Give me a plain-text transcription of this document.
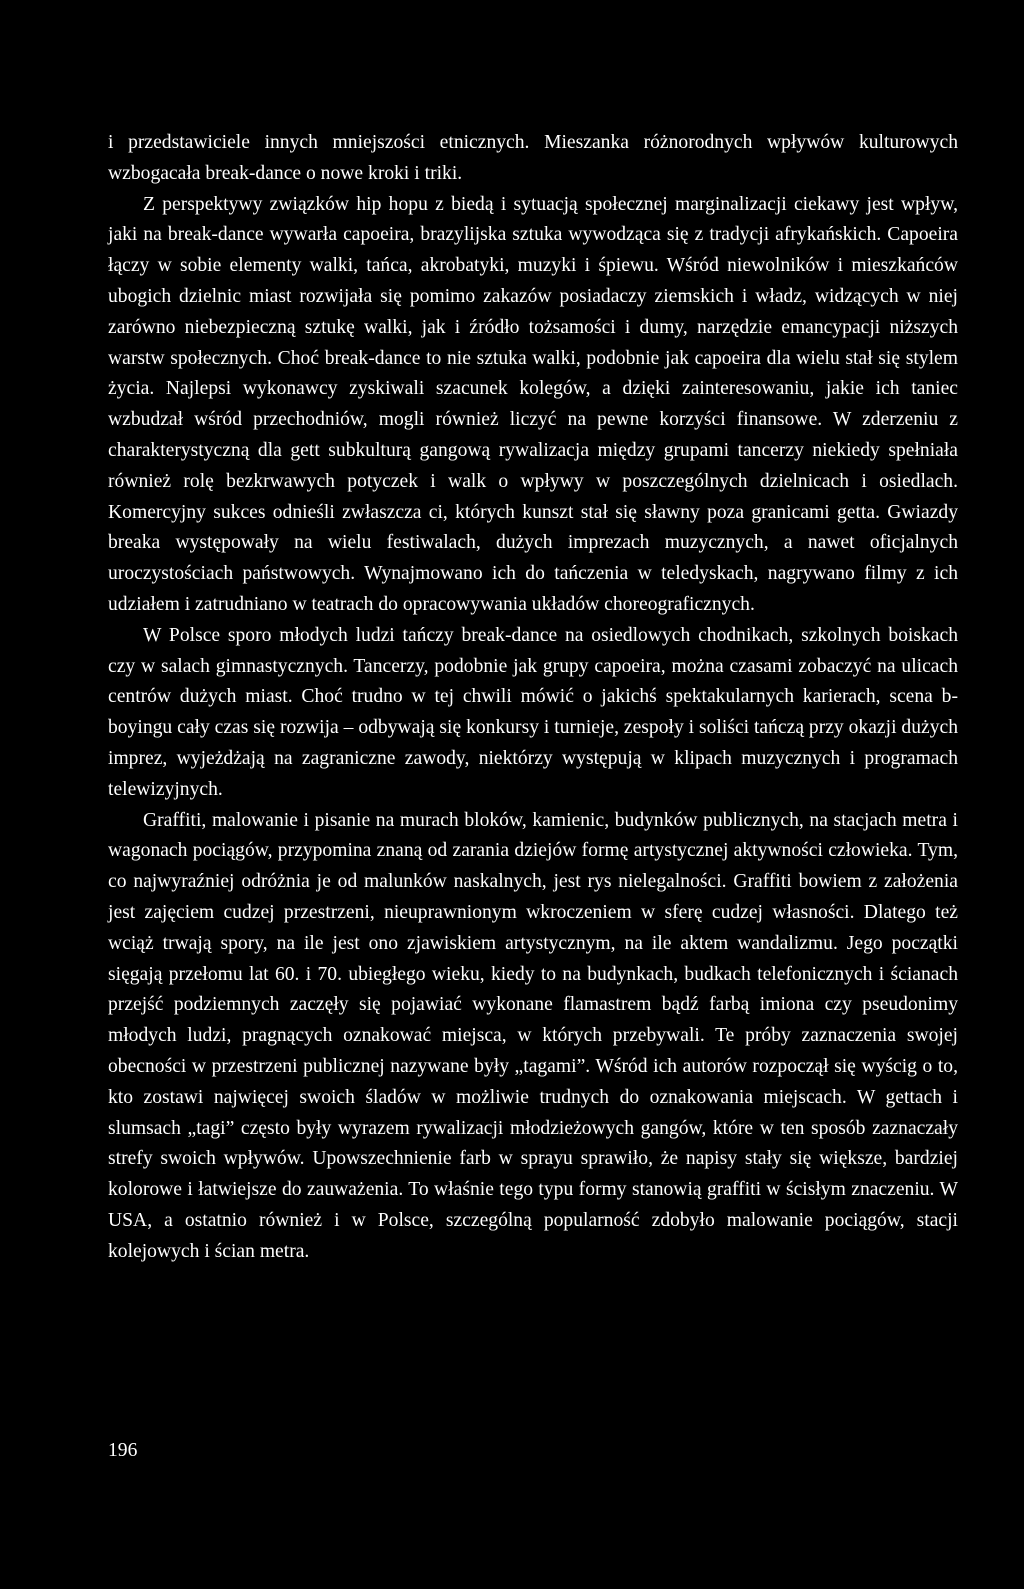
i przedstawiciele innych mniejszości etnicznych. Mieszanka różnorodnych wpływów kulturowych wzbogacała break-dance o nowe kroki i triki.

Z perspektywy związków hip hopu z biedą i sytuacją społecznej marginalizacji ciekawy jest wpływ, jaki na break-dance wywarła capoeira, brazylijska sztuka wywodząca się z tradycji afrykańskich. Capoeira łączy w sobie elementy walki, tańca, akrobatyki, muzyki i śpiewu. Wśród niewolników i mieszkańców ubogich dzielnic miast rozwijała się pomimo zakazów posiadaczy ziemskich i władz, widzących w niej zarówno niebezpieczną sztukę walki, jak i źródło tożsamości i dumy, narzędzie emancypacji niższych warstw społecznych. Choć break-dance to nie sztuka walki, podobnie jak capoeira dla wielu stał się stylem życia. Najlepsi wykonawcy zyskiwali szacunek kolegów, a dzięki zainteresowaniu, jakie ich taniec wzbudzał wśród przechodniów, mogli również liczyć na pewne korzyści finansowe. W zderzeniu z charakterystyczną dla gett subkulturą gangową rywalizacja między grupami tancerzy niekiedy spełniała również rolę bezkrwawych potyczek i walk o wpływy w poszczególnych dzielnicach i osiedlach. Komercyjny sukces odnieśli zwłaszcza ci, których kunszt stał się sławny poza granicami getta. Gwiazdy breaka występowały na wielu festiwalach, dużych imprezach muzycznych, a nawet oficjalnych uroczystościach państwowych. Wynajmowano ich do tańczenia w teledyskach, nagrywano filmy z ich udziałem i zatrudniano w teatrach do opracowywania układów choreograficznych.

W Polsce sporo młodych ludzi tańczy break-dance na osiedlowych chodnikach, szkolnych boiskach czy w salach gimnastycznych. Tancerzy, podobnie jak grupy capoeira, można czasami zobaczyć na ulicach centrów dużych miast. Choć trudno w tej chwili mówić o jakichś spektakularnych karierach, scena b-boyingu cały czas się rozwija – odbywają się konkursy i turnieje, zespoły i soliści tańczą przy okazji dużych imprez, wyjeżdżają na zagraniczne zawody, niektórzy występują w klipach muzycznych i programach telewizyjnych.

Graffiti, malowanie i pisanie na murach bloków, kamienic, budynków publicznych, na stacjach metra i wagonach pociągów, przypomina znaną od zarania dziejów formę artystycznej aktywności człowieka. Tym, co najwyraźniej odróżnia je od malunków naskalnych, jest rys nielegalności. Graffiti bowiem z założenia jest zajęciem cudzej przestrzeni, nieuprawnionym wkroczeniem w sferę cudzej własności. Dlatego też wciąż trwają spory, na ile jest ono zjawiskiem artystycznym, na ile aktem wandalizmu. Jego początki sięgają przełomu lat 60. i 70. ubiegłego wieku, kiedy to na budynkach, budkach telefonicznych i ścianach przejść podziemnych zaczęły się pojawiać wykonane flamastrem bądź farbą imiona czy pseudonimy młodych ludzi, pragnących oznakować miejsca, w których przebywali. Te próby zaznaczenia swojej obecności w przestrzeni publicznej nazywane były „tagami”. Wśród ich autorów rozpoczął się wyścig o to, kto zostawi najwięcej swoich śladów w możliwie trudnych do oznakowania miejscach. W gettach i slumsach „tagi” często były wyrazem rywalizacji młodzieżowych gangów, które w ten sposób zaznaczały strefy swoich wpływów. Upowszechnienie farb w sprayu sprawiło, że napisy stały się większe, bardziej kolorowe i łatwiejsze do zauważenia. To właśnie tego typu formy stanowią graffiti w ścisłym znaczeniu. W USA, a ostatnio również i w Polsce, szczególną popularność zdobyło malowanie pociągów, stacji kolejowych i ścian metra.

196
